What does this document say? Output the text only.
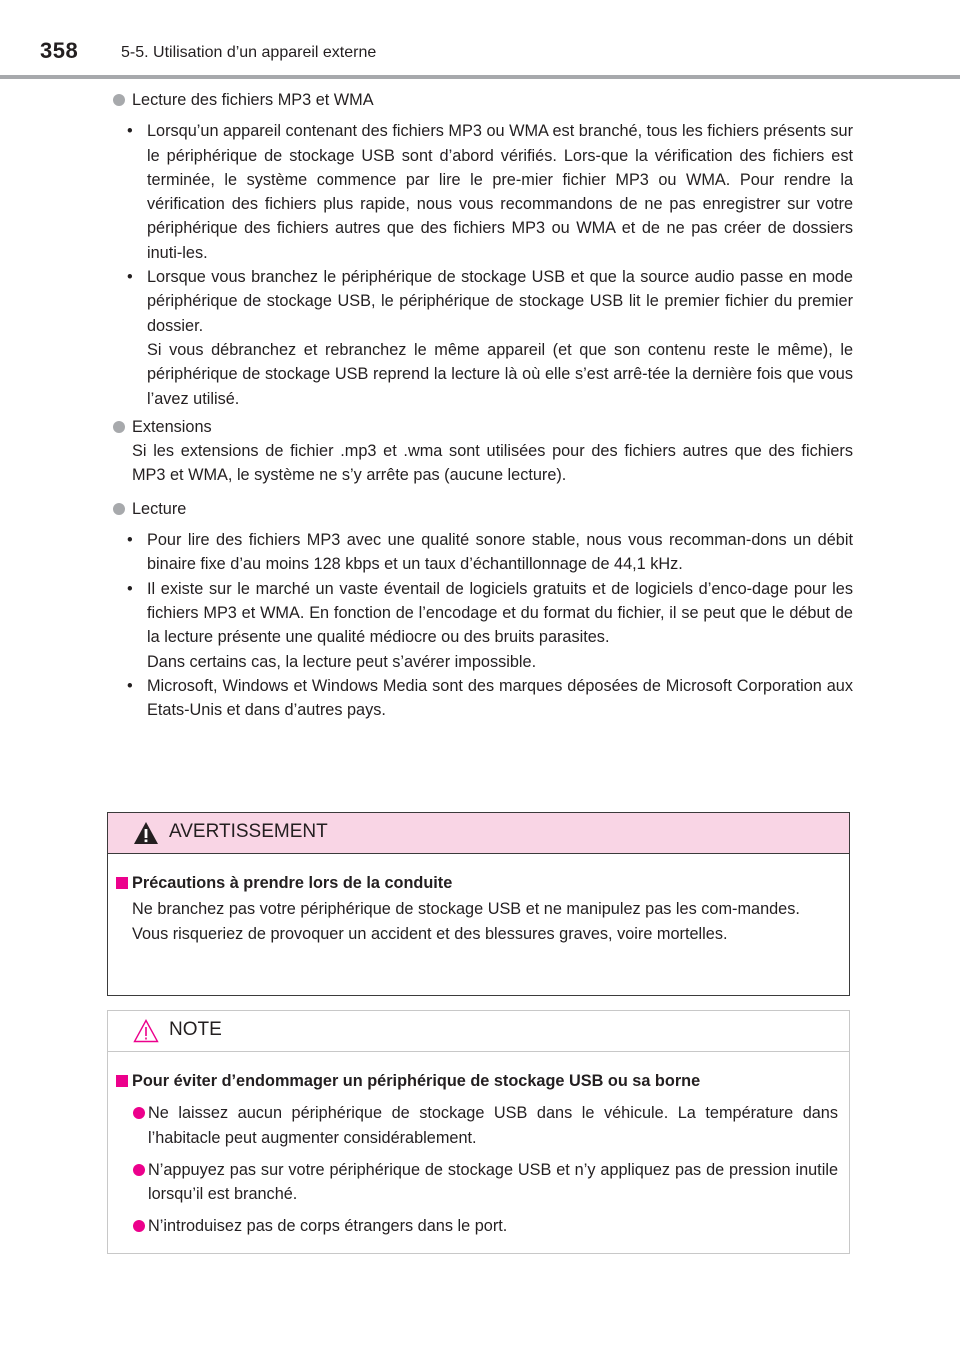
358	5-5. Utilisation d’un appareil externe
Lecture des fichiers MP3 et WMA

• Lorsqu’un appareil contenant des fichiers MP3 ou WMA est branché, tous les fichiers présents sur le périphérique de stockage USB sont d’abord vérifiés. Lors-que la vérification des fichiers est terminée, le système commence par lire le pre-mier fichier MP3 ou WMA. Pour rendre la vérification des fichiers plus rapide, nous vous recommandons de ne pas enregistrer sur votre périphérique des fichiers autres que des fichiers MP3 ou WMA et de ne pas créer de dossiers inuti-les.

• Lorsque vous branchez le périphérique de stockage USB et que la source audio passe en mode périphérique de stockage USB, le périphérique de stockage USB lit le premier fichier du premier dossier.

Si vous débranchez et rebranchez le même appareil (et que son contenu reste le même), le périphérique de stockage USB reprend la lecture là où elle s’est arrê-tée la dernière fois que vous l’avez utilisé.

Extensions

Si les extensions de fichier .mp3 et .wma sont utilisées pour des fichiers autres que des fichiers MP3 et WMA, le système ne s’y arrête pas (aucune lecture).

Lecture

• Pour lire des fichiers MP3 avec une qualité sonore stable, nous vous recomman-dons un débit binaire fixe d’au moins 128 kbps et un taux d’échantillonnage de 44,1 kHz.

• Il existe sur le marché un vaste éventail de logiciels gratuits et de logiciels d’enco-dage pour les fichiers MP3 et WMA. En fonction de l’encodage et du format du fichier, il se peut que le début de la lecture présente une qualité médiocre ou des bruits parasites.

Dans certains cas, la lecture peut s’avérer impossible.

• Microsoft, Windows et Windows Media sont des marques déposées de Microsoft Corporation aux Etats-Unis et dans d’autres pays.

AVERTISSEMENT
Précautions à prendre lors de la conduite

Ne branchez pas votre périphérique de stockage USB et ne manipulez pas les com-mandes.

Vous risqueriez de provoquer un accident et des blessures graves, voire mortelles.

NOTE
Pour éviter d’endommager un périphérique de stockage USB ou sa borne
Ne laissez aucun périphérique de stockage USB dans le véhicule. La température dans l’habitacle peut augmenter considérablement.
N’appuyez pas sur votre périphérique de stockage USB et n’y appliquez pas de pression inutile lorsqu’il est branché.
N’introduisez pas de corps étrangers dans le port.
